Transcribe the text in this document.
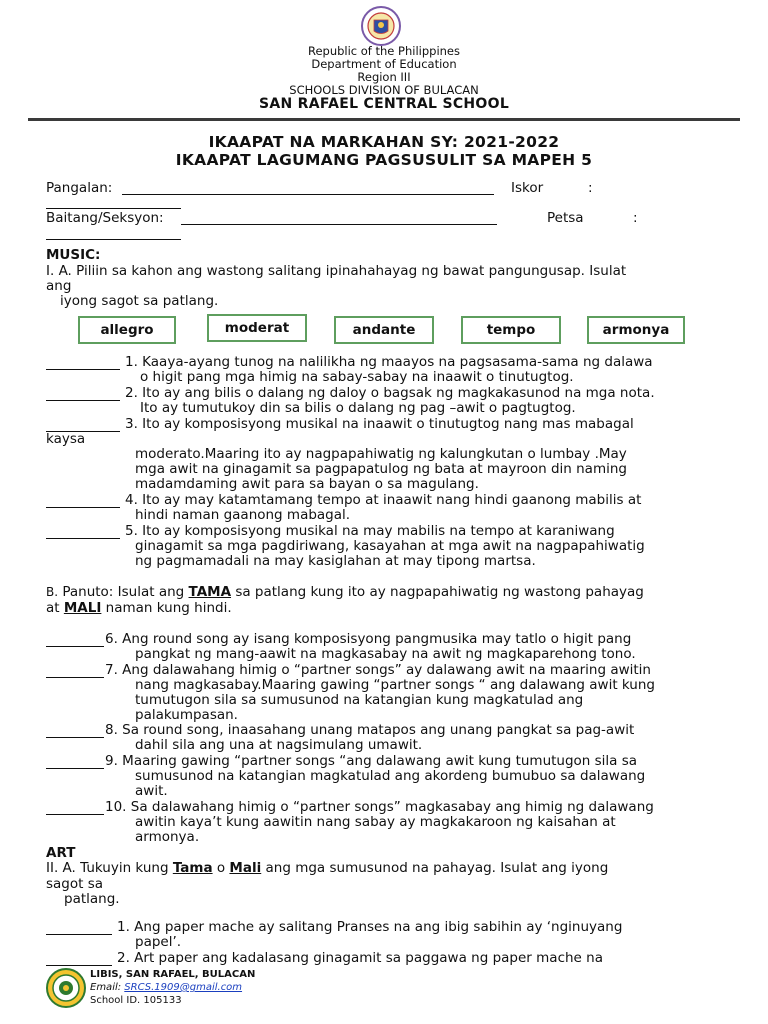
Republic of the Philippines
Department of Education
Region III
SCHOOLS DIVISION OF BULACAN
SAN RAFAEL CENTRAL SCHOOL
IKAAPAT NA MARKAHAN SY: 2021-2022
IKAAPAT LAGUMANG PAGSUSULIT SA MAPEH 5
Pangalan:	Iskor	:
Baitang/Seksyon:	Petsa	:
MUSIC:
I. A. Piliin sa kahon ang wastong salitang ipinahahayag ng bawat pangungusap. Isulat
ang
iyong sagot sa patlang.
allegro	moderat	andante	tempo	armonya
1. Kaaya-ayang tunog na nalilikha ng maayos na pagsasama-sama ng dalawa
o higit pang mga himig na sabay-sabay na inaawit o tinutugtog.
2. Ito ay ang bilis o dalang ng daloy o bagsak ng magkakasunod na mga nota.
Ito ay tumutukoy din sa bilis o dalang ng pag –awit o pagtugtog.
3. Ito ay komposisyong musikal na inaawit o tinutugtog nang mas mabagal
kaysa
moderato.Maaring ito ay nagpapahiwatig ng kalungkutan o lumbay .May
mga awit na ginagamit sa pagpapatulog ng bata at mayroon din naming
madamdaming awit para sa bayan o sa magulang.
4. Ito ay may katamtamang tempo at inaawit nang hindi gaanong mabilis at
hindi naman gaanong mabagal.
5. Ito ay komposisyong musikal na may mabilis na tempo at karaniwang
ginagamit sa mga pagdiriwang, kasayahan at mga awit na nagpapahiwatig
ng pagmamadali na may kasiglahan at may tipong martsa.
B. Panuto: Isulat ang TAMA sa patlang kung ito ay nagpapahiwatig ng wastong pahayag
at MALI naman kung hindi.
6. Ang round song ay isang komposisyong pangmusika may tatlo o higit pang
pangkat ng mang-aawit na magkasabay na awit ng magkaparehong tono.
7. Ang dalawahang himig o “partner songs” ay dalawang awit na maaring awitin
nang magkasabay.Maaring gawing “partner songs “ ang dalawang awit kung
tumutugon sila sa sumusunod na katangian kung magkatulad ang
palakumpasan.
8. Sa round song, inaasahang unang matapos ang unang pangkat sa pag-awit
dahil sila ang una at nagsimulang umawit.
9. Maaring gawing “partner songs “ang dalawang awit kung tumutugon sila sa
sumusunod na katangian magkatulad ang akordeng bumubuo sa dalawang
awit.
10. Sa dalawahang himig o “partner songs” magkasabay ang himig ng dalawang
awitin kaya’t kung aawitin nang sabay ay magkakaroon ng kaisahan at
armonya.
ART
II. A. Tukuyin kung Tama o Mali ang mga sumusunod na pahayag. Isulat ang iyong
sagot sa
patlang.
1. Ang paper mache ay salitang Pranses na ang ibig sabihin ay ‘nginuyang
papel’.
2. Art paper ang kadalasang ginagamit sa paggawa ng paper mache na
LIBIS, SAN RAFAEL, BULACAN
Email: SRCS.1909@gmail.com
School ID. 105133
